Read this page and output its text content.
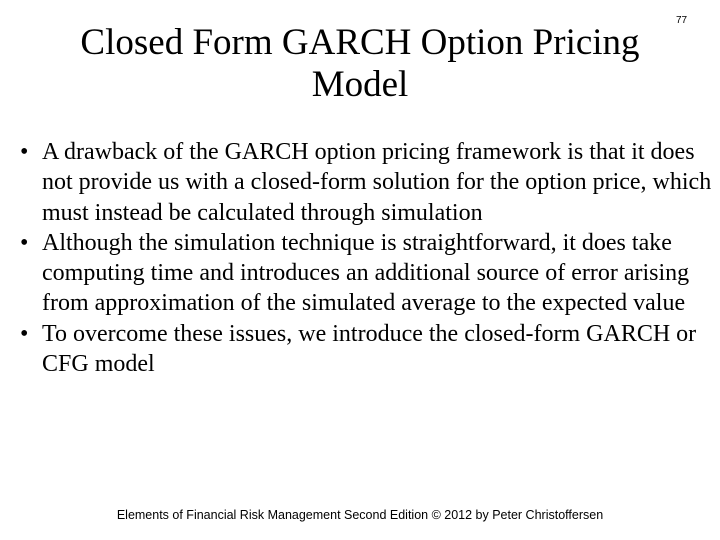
Closed Form GARCH Option Pricing
Model
77
• A drawback of the GARCH option pricing framework is that it does not provide us with a closed-form solution for the option price, which must instead be calculated through simulation
• Although the simulation technique is straightforward, it does take computing time and introduces an additional source of error arising from approximation of the simulated average to the expected value
• To overcome these issues, we introduce the closed-form GARCH or CFG model
Elements of Financial Risk Management Second Edition © 2012 by Peter Christoffersen
